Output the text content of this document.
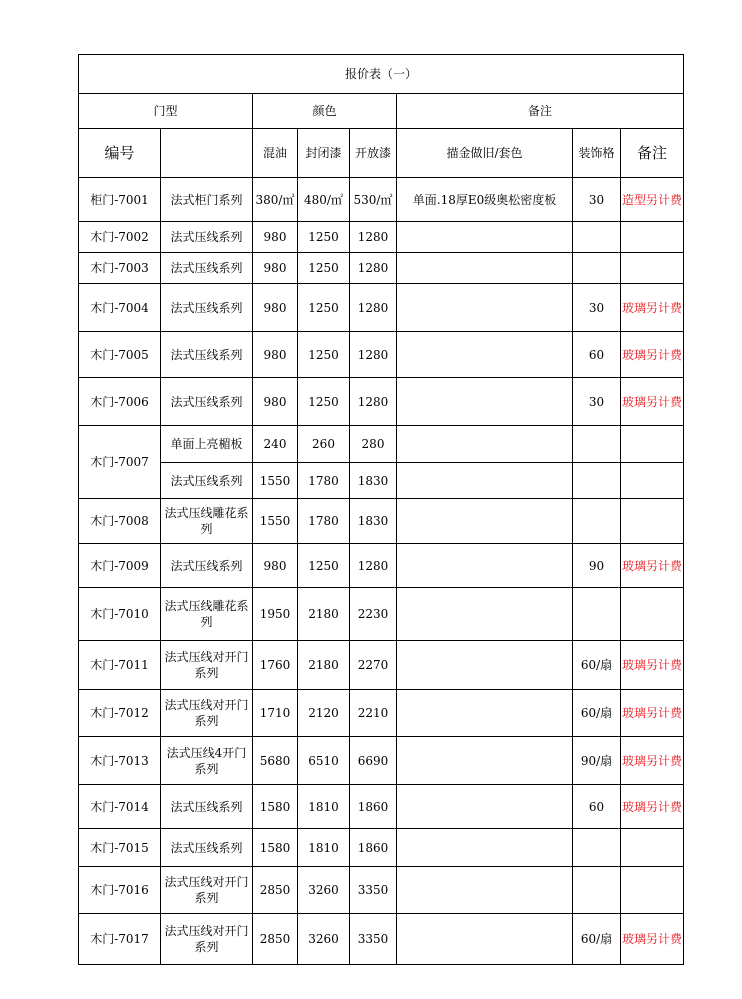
报价表（一）							
门型		颜色			备注		
编号		混油	封闭漆	开放漆	描金做旧/套色	装饰格	备注
柜门-7001	法式柜门系列	380/㎡	480/㎡	530/㎡	单面.18厚E0级奥松密度板	30	造型另计费
木门-7002	法式压线系列	980	1250	1280			
木门-7003	法式压线系列	980	1250	1280			
木门-7004	法式压线系列	980	1250	1280		30	玻璃另计费
木门-7005	法式压线系列	980	1250	1280		60	玻璃另计费
木门-7006	法式压线系列	980	1250	1280		30	玻璃另计费
木门-7007	单面上亮楣板	240	260	280			
	法式压线系列	1550	1780	1830			
木门-7008	法式压线雕花系列	1550	1780	1830			
木门-7009	法式压线系列	980	1250	1280		90	玻璃另计费
木门-7010	法式压线雕花系列	1950	2180	2230			
木门-7011	法式压线对开门系列	1760	2180	2270		60/扇	玻璃另计费
木门-7012	法式压线对开门系列	1710	2120	2210		60/扇	玻璃另计费
木门-7013	法式压线4开门系列	5680	6510	6690		90/扇	玻璃另计费
木门-7014	法式压线系列	1580	1810	1860		60	玻璃另计费
木门-7015	法式压线系列	1580	1810	1860			
木门-7016	法式压线对开门系列	2850	3260	3350			
木门-7017	法式压线对开门系列	2850	3260	3350		60/扇	玻璃另计费
